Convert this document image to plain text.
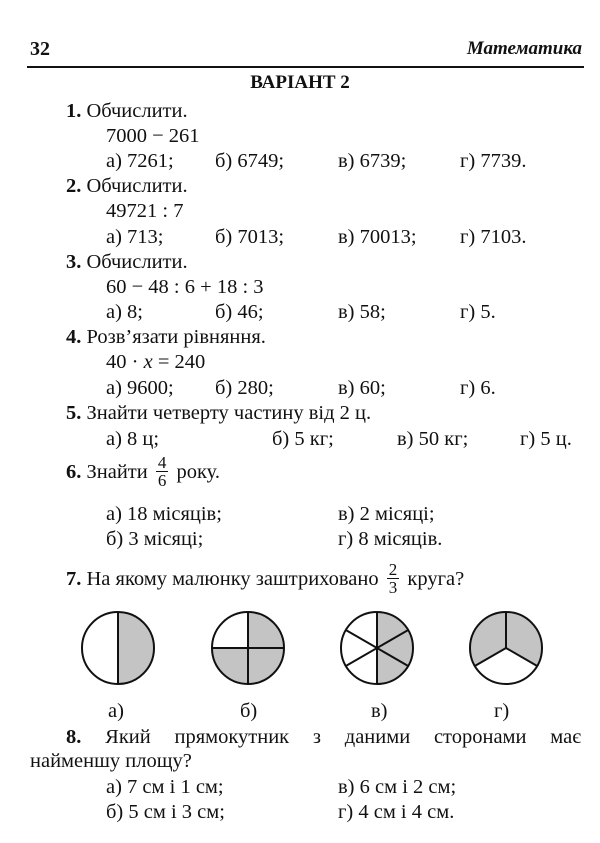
32	Математика
ВАРІАНТ 2
1. Обчислити.
7000 − 261
а) 7261; б) 6749;	в) 6739;	г) 7739.
2. Обчислити.
49721 : 7
а) 713;	б) 7013;	в) 70013; г) 7103.
3. Обчислити.
60 − 48 : 6 + 18 : 3
а) 8;	б) 46;	в) 58;	г) 5.
4. Розв’язати рівняння.
40 · x = 240
а) 9600; б) 280;	в) 60;	г) 6.
5. Знайти четверту частину від 2 ц.
а) 8 ц;	б) 5 кг;	в) 50 кг;	г) 5 ц.
6. Знайти $\frac{4}{6}$ року.
а) 18 місяців;	в) 2 місяці;
б) 3 місяці;	г) 8 місяців.
7. На якому малюнку заштриховано $\frac{2}{3}$ круга?
а)	б)	в)	г)
8. Який прямокутник з даними сторонами має
найменшу площу?
а) 7 см і 1 см;	в) 6 см і 2 см;
б) 5 см і 3 см;	г) 4 см і 4 см.
